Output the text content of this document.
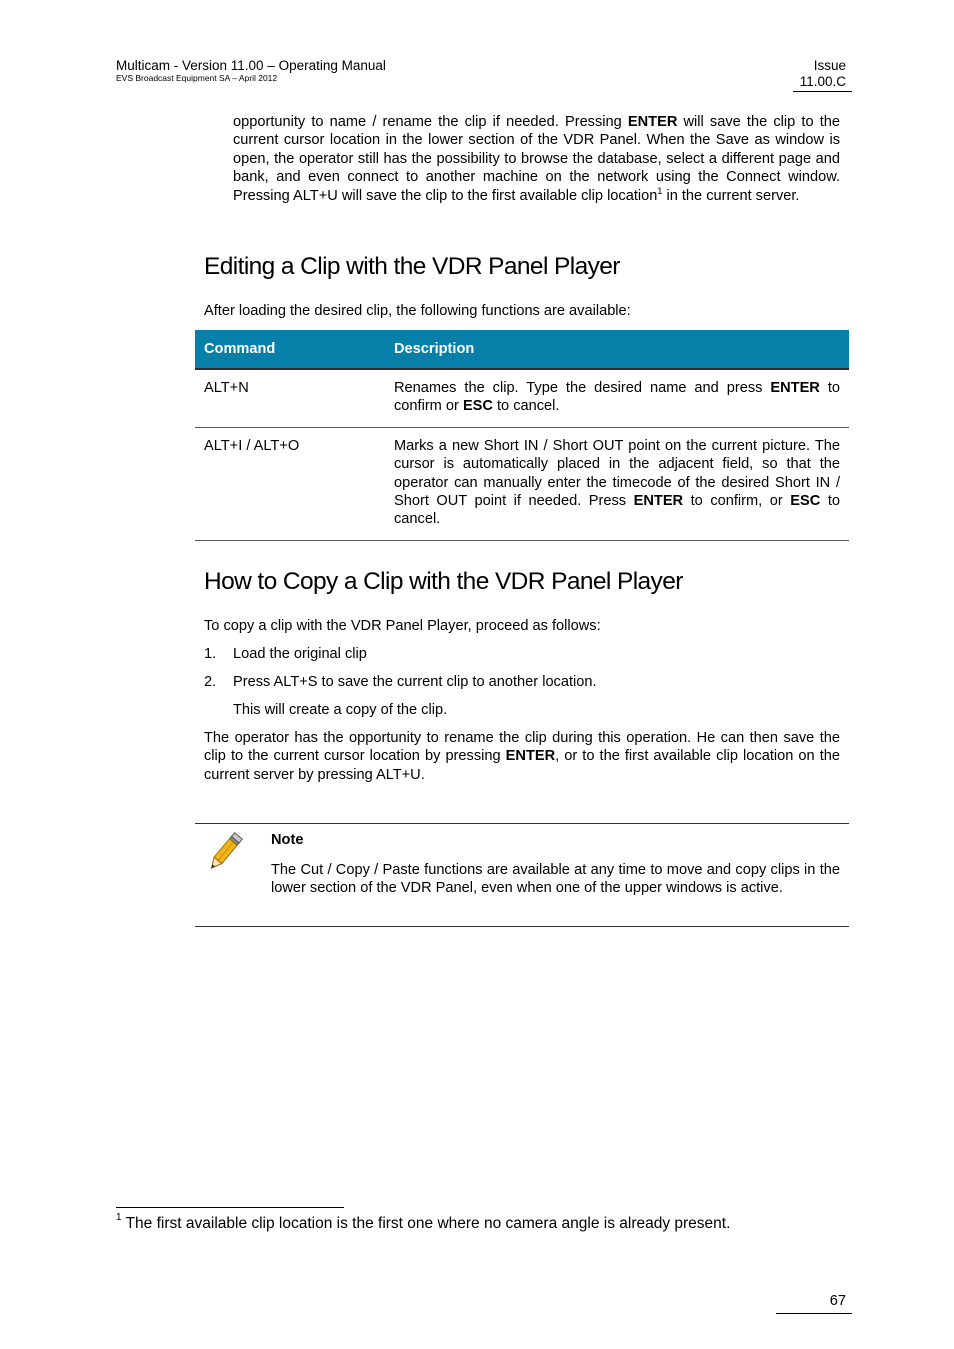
Multicam - Version 11.00 – Operating Manual
EVS Broadcast Equipment SA – April 2012
Issue
11.00.C

opportunity to name / rename the clip if needed. Pressing ENTER will save the clip to the current cursor location in the lower section of the VDR Panel. When the Save as window is open, the operator still has the possibility to browse the database, select a different page and bank, and even connect to another machine on the network using the Connect window. Pressing ALT+U will save the clip to the first available clip location$^1$ in the current server.

Editing a Clip with the VDR Panel Player

After loading the desired clip, the following functions are available:

Command	Description
ALT+N	Renames the clip. Type the desired name and press ENTER to confirm or ESC to cancel.
ALT+I / ALT+O	Marks a new Short IN / Short OUT point on the current picture. The cursor is automatically placed in the adjacent field, so that the operator can manually enter the timecode of the desired Short IN / Short OUT point if needed. Press ENTER to confirm, or ESC to cancel.
How to Copy a Clip with the VDR Panel Player

To copy a clip with the VDR Panel Player, proceed as follows:

1. Load the original clip
2. Press ALT+S to save the current clip to another location.
This will create a copy of the clip.

The operator has the opportunity to rename the clip during this operation. He can then save the clip to the current cursor location by pressing ENTER, or to the first available clip location on the current server by pressing ALT+U.

Note

The Cut / Copy / Paste functions are available at any time to move and copy clips in the lower section of the VDR Panel, even when one of the upper windows is active.

$^1$ The first available clip location is the first one where no camera angle is already present.
67
